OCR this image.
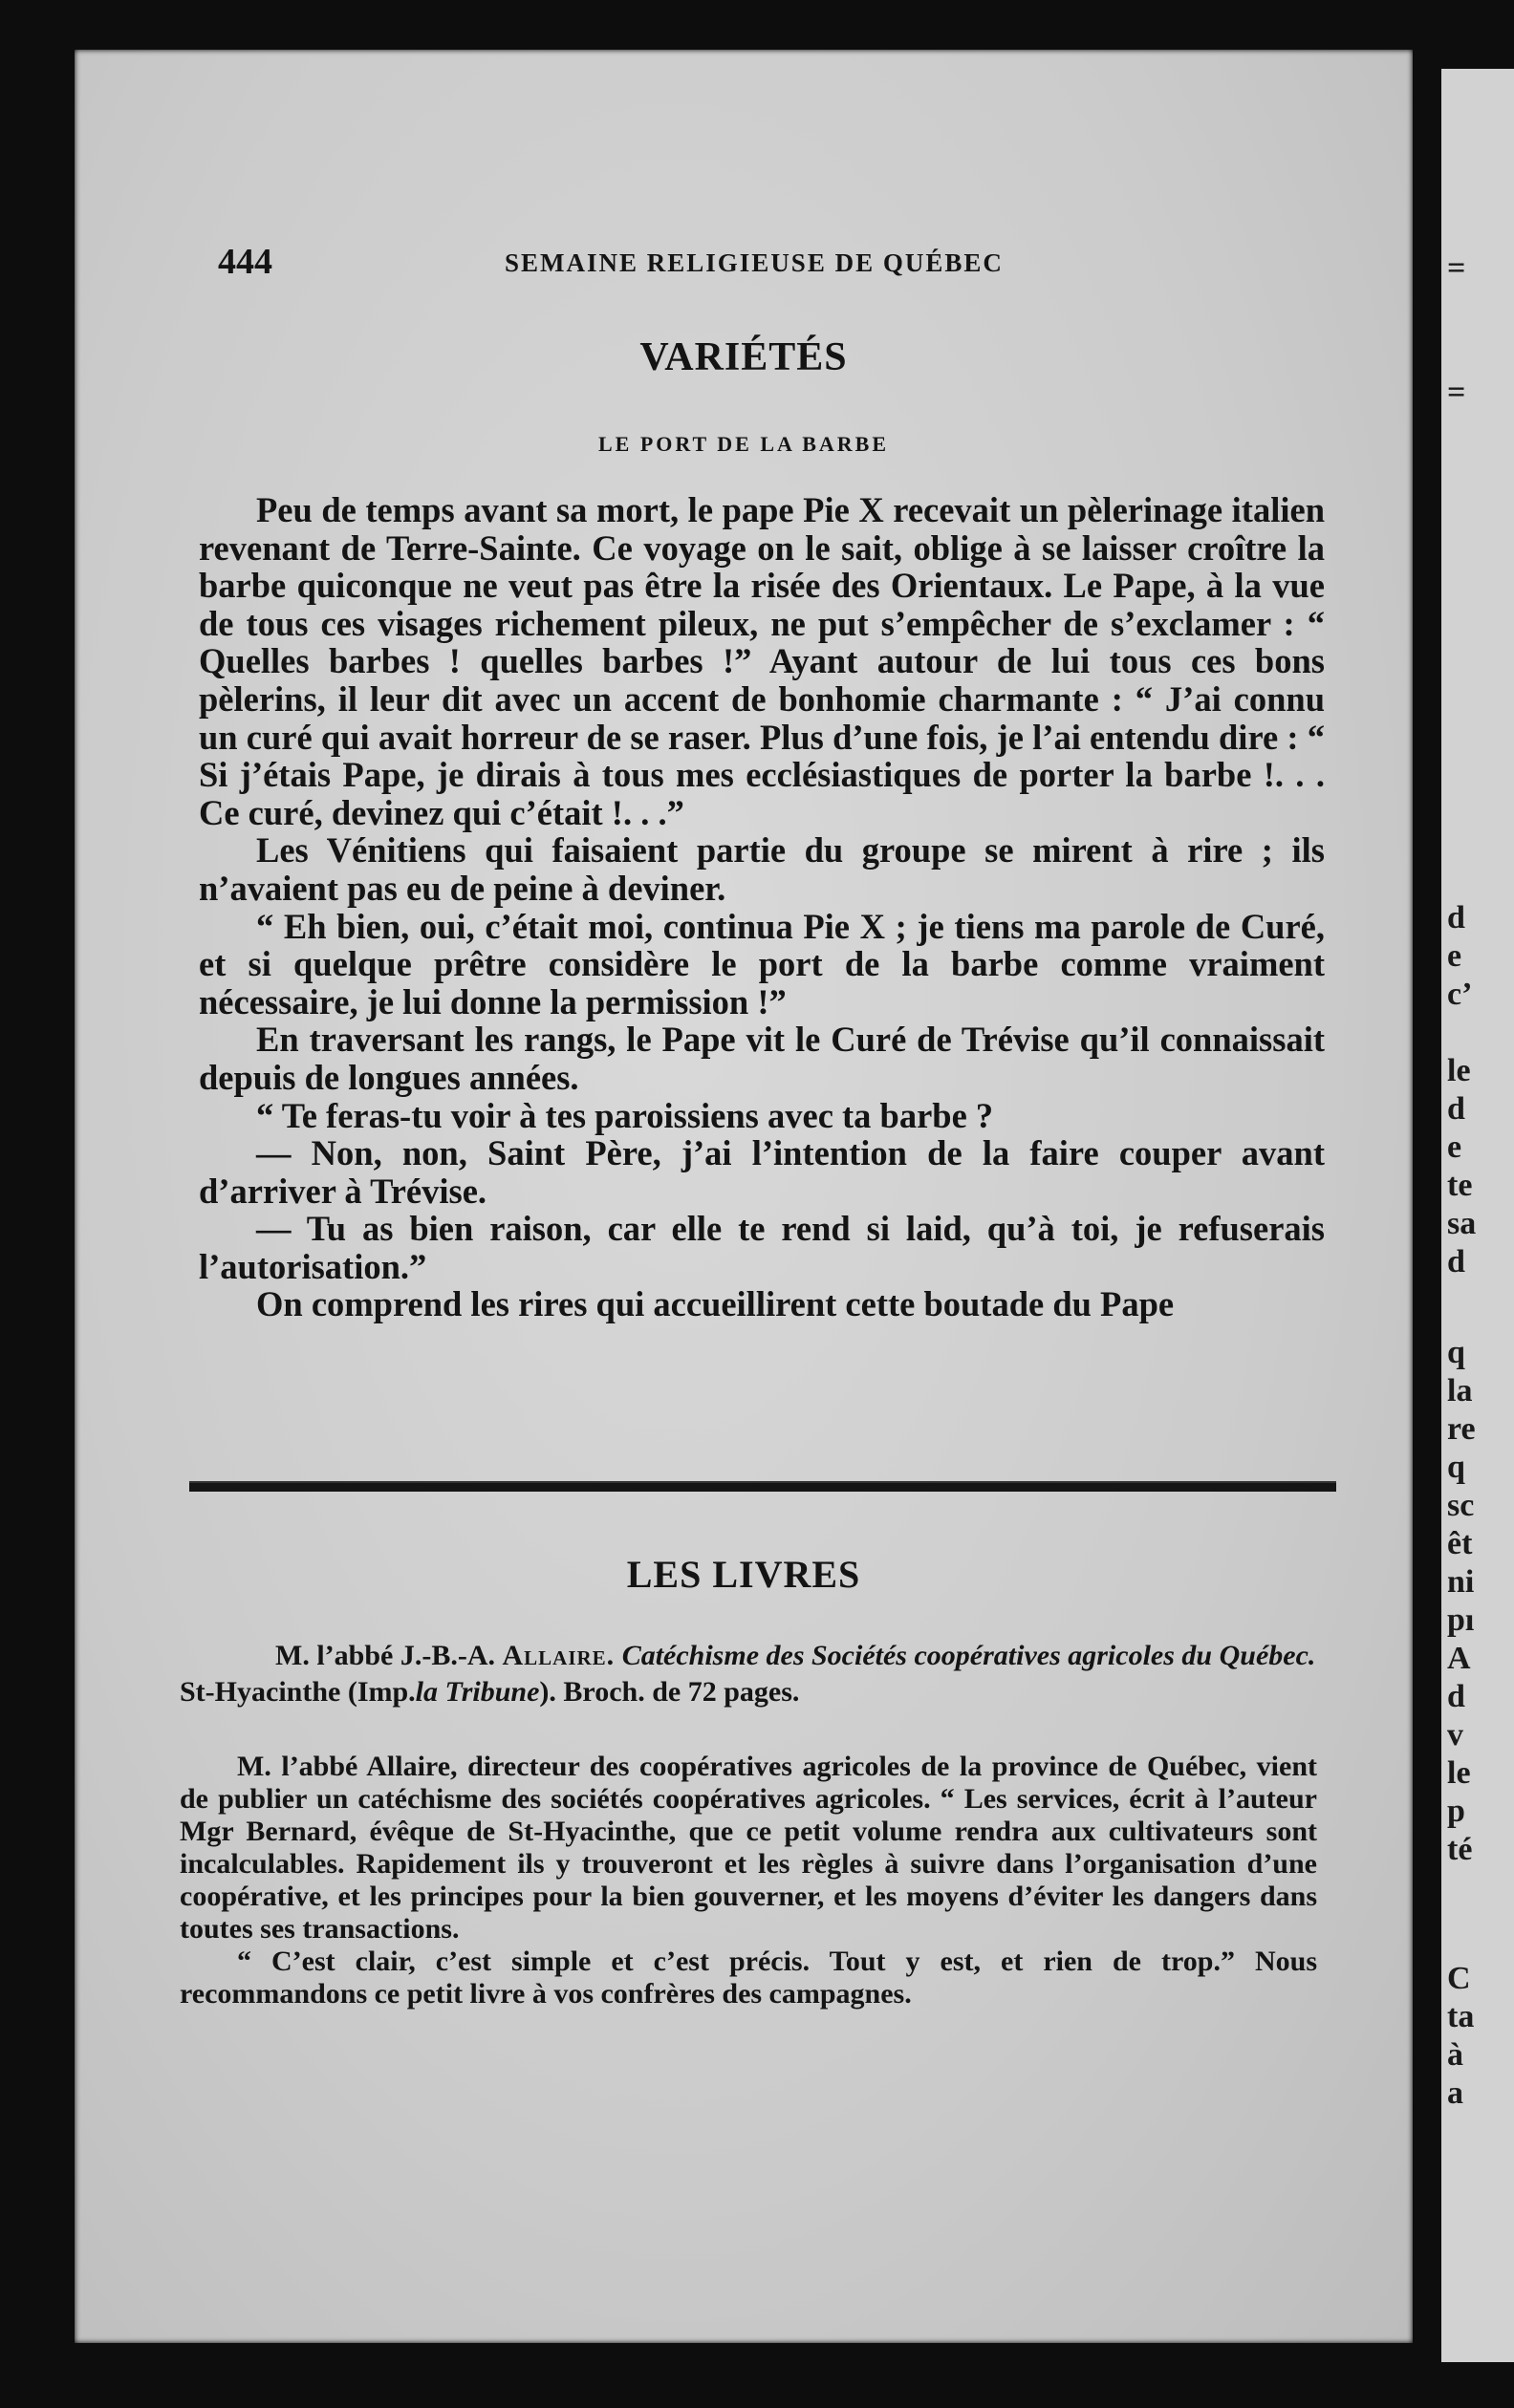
444	SEMAINE RELIGIEUSE DE QUÉBEC
VARIÉTÉS
LE PORT DE LA BARBE

Peu de temps avant sa mort, le pape Pie X recevait un pèlerinage italien revenant de Terre-Sainte. Ce voyage on le sait, oblige à se laisser croître la barbe quiconque ne veut pas être la risée des Orientaux. Le Pape, à la vue de tous ces visages richement pileux, ne put s’empêcher de s’exclamer : “ Quelles barbes ! quelles barbes !” Ayant autour de lui tous ces bons pèlerins, il leur dit avec un accent de bonhomie charmante : “ J’ai connu un curé qui avait horreur de se raser. Plus d’une fois, je l’ai entendu dire : “ Si j’étais Pape, je dirais à tous mes ecclésiastiques de porter la barbe !. . . Ce curé, devinez qui c’était !. . .”

Les Vénitiens qui faisaient partie du groupe se mirent à rire ; ils n’avaient pas eu de peine à deviner.

“ Eh bien, oui, c’était moi, continua Pie X ; je tiens ma parole de Curé, et si quelque prêtre considère le port de la barbe comme vraiment nécessaire, je lui donne la permission !”

En traversant les rangs, le Pape vit le Curé de Trévise qu’il connaissait depuis de longues années.

“ Te feras-tu voir à tes paroissiens avec ta barbe ?

— Non, non, Saint Père, j’ai l’intention de la faire couper avant d’arriver à Trévise.

— Tu as bien raison, car elle te rend si laid, qu’à toi, je refuserais l’autorisation.”

On comprend les rires qui accueillirent cette boutade du Pape

LES LIVRES
M. l’abbé J.-B.-A. Allaire. Catéchisme des Sociétés coopératives agricoles du Québec. St-Hyacinthe (Imp.la Tribune). Broch. de 72 pages.

M. l’abbé Allaire, directeur des coopératives agricoles de la province de Québec, vient de publier un catéchisme des sociétés coopératives agricoles. “ Les services, écrit à l’auteur Mgr Bernard, évêque de St-Hyacinthe, que ce petit volume rendra aux cultivateurs sont incalculables. Rapidement ils y trouveront et les règles à suivre dans l’organisation d’une coopérative, et les principes pour la bien gouverner, et les moyens d’éviter les dangers dans toutes ses transactions.

“ C’est clair, c’est simple et c’est précis. Tout y est, et rien de trop.” Nous recommandons ce petit livre à vos confrères des campagnes.

=
=
d
e
c’
le
d
e
te
sa
d
q
la
re
q
sc
êt
ni
pı
A
d
v
le
p
té
C
ta
à
a
